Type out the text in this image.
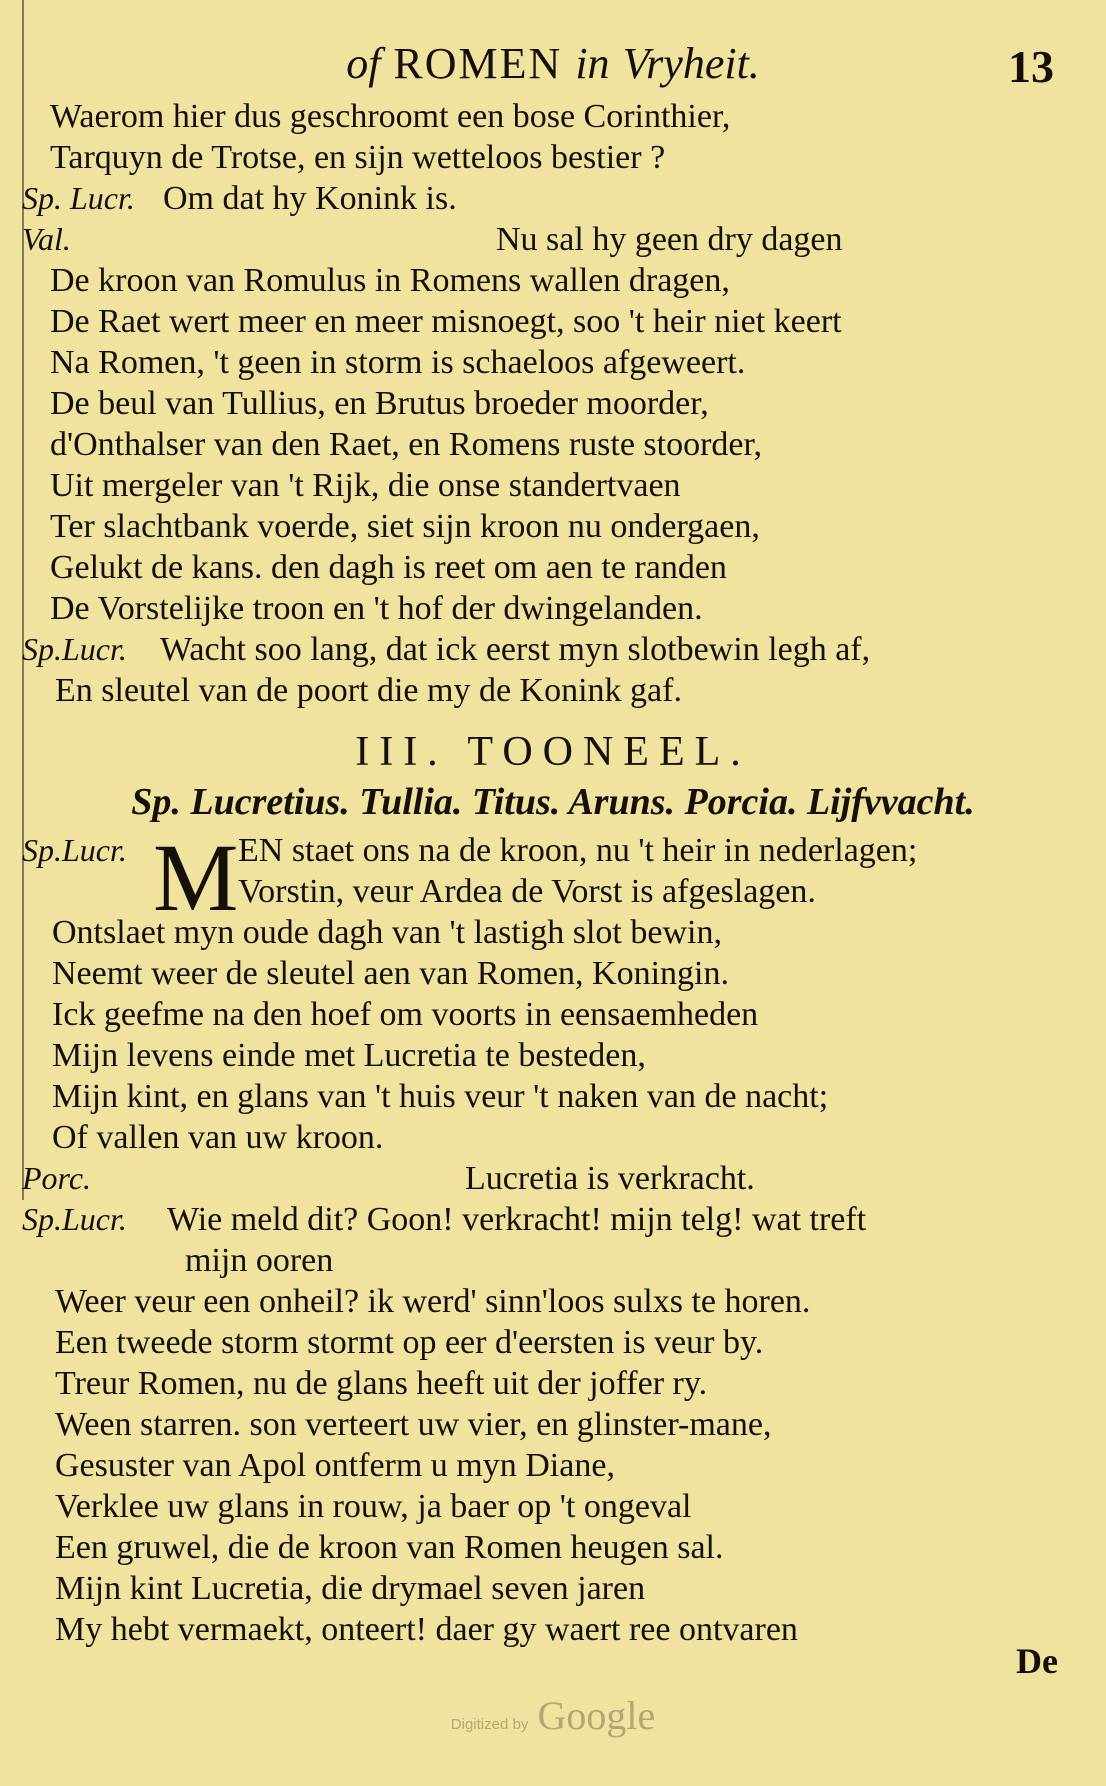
of ROMEN in Vryheit.	13
Waerom hier dus geschroomt een bose Corinthier,
Tarquyn de Trotse, en sijn wetteloos bestier ?
Sp. Lucr. Om dat hy Konink is.
Val.	Nu sal hy geen dry dagen
De kroon van Romulus in Romens wallen dragen,
De Raet wert meer en meer misnoegt, soo 't heir niet keert
Na Romen, 't geen in storm is schaeloos afgeweert.
De beul van Tullius, en Brutus broeder moorder,
d'Onthalser van den Raet, en Romens ruste stoorder,
Uit mergeler van 't Rijk, die onse standertvaen
Ter slachtbank voerde, siet sijn kroon nu ondergaen,
Gelukt de kans. den dagh is reet om aen te randen
De Vorstelijke troon en 't hof der dwingelanden.
Sp.Lucr. Wacht soo lang, dat ick eerst myn slotbewin legh af,
En sleutel van de poort die my de Konink gaf.
III. TOONEEL.
Sp. Lucretius. Tullia. Titus. Aruns. Porcia. Lijfvvacht.
M
Sp.Lucr.	EN staet ons na de kroon, nu 't heir in nederlagen;
Vorstin, veur Ardea de Vorst is afgeslagen.
Ontslaet myn oude dagh van 't lastigh slot bewin,
Neemt weer de sleutel aen van Romen, Koningin.
Ick geefme na den hoef om voorts in eensaemheden
Mijn levens einde met Lucretia te besteden,
Mijn kint, en glans van 't huis veur 't naken van de nacht;
Of vallen van uw kroon.
Porc.	Lucretia is verkracht.
Sp.Lucr. Wie meld dit? Goon! verkracht! mijn telg! wat treft
mijn ooren
Weer veur een onheil? ik werd' sinn'loos sulxs te horen.
Een tweede storm stormt op eer d'eersten is veur by.
Treur Romen, nu de glans heeft uit der joffer ry.
Ween starren. son verteert uw vier, en glinster-mane,
Gesuster van Apol ontferm u myn Diane,
Verklee uw glans in rouw, ja baer op 't ongeval
Een gruwel, die de kroon van Romen heugen sal.
Mijn kint Lucretia, die drymael seven jaren
My hebt vermaekt, onteert! daer gy waert ree ontvaren
De
Digitized by Google
